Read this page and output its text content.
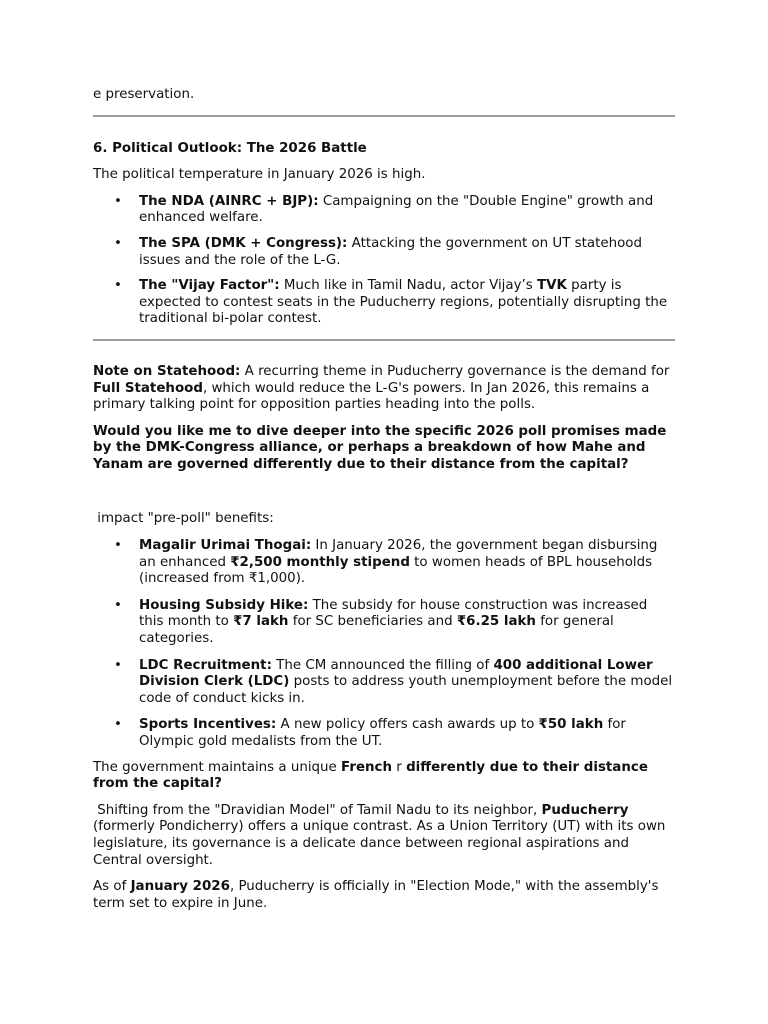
e preservation.

6. Political Outlook: The 2026 Battle

The political temperature in January 2026 is high.

• The NDA (AINRC + BJP): Campaigning on the "Double Engine" growth and enhanced welfare.
• The SPA (DMK + Congress): Attacking the government on UT statehood issues and the role of the L-G.
• The "Vijay Factor": Much like in Tamil Nadu, actor Vijay’s TVK party is expected to contest seats in the Puducherry regions, potentially disrupting the traditional bi-polar contest.

Note on Statehood: A recurring theme in Puducherry governance is the demand for Full Statehood, which would reduce the L-G's powers. In Jan 2026, this remains a primary talking point for opposition parties heading into the polls.

Would you like me to dive deeper into the specific 2026 poll promises made by the DMK-Congress alliance, or perhaps a breakdown of how Mahe and Yanam are governed differently due to their distance from the capital?

impact "pre-poll" benefits:

• Magalir Urimai Thogai: In January 2026, the government began disbursing an enhanced ₹2,500 monthly stipend to women heads of BPL households (increased from ₹1,000).
• Housing Subsidy Hike: The subsidy for house construction was increased this month to ₹7 lakh for SC beneficiaries and ₹6.25 lakh for general categories.
• LDC Recruitment: The CM announced the filling of 400 additional Lower Division Clerk (LDC) posts to address youth unemployment before the model code of conduct kicks in.
• Sports Incentives: A new policy offers cash awards up to ₹50 lakh for Olympic gold medalists from the UT.

The government maintains a unique French r differently due to their distance from the capital?

Shifting from the "Dravidian Model" of Tamil Nadu to its neighbor, Puducherry (formerly Pondicherry) offers a unique contrast. As a Union Territory (UT) with its own legislature, its governance is a delicate dance between regional aspirations and Central oversight.

As of January 2026, Puducherry is officially in "Election Mode," with the assembly's term set to expire in June.
